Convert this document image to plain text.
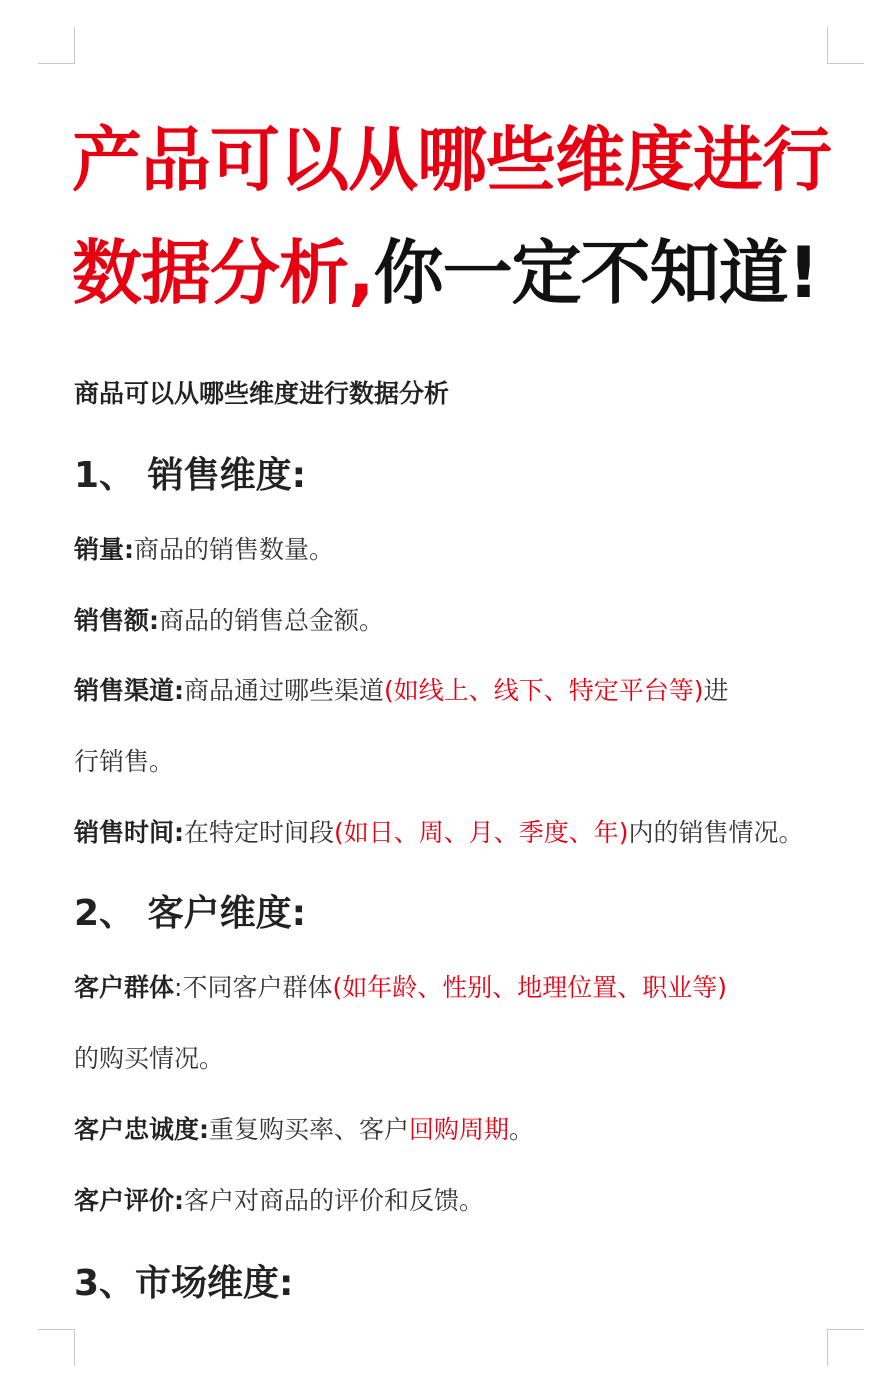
产品可以从哪些维度进行
数据分析,你一定不知道!
商品可以从哪些维度进行数据分析
1、 销售维度:
销量:商品的销售数量。
销售额:商品的销售总金额。
销售渠道:商品通过哪些渠道(如线上、线下、特定平台等)进
行销售。
销售时间:在特定时间段(如日、周、月、季度、年)内的销售情况。
2、 客户维度:
客户群体:不同客户群体(如年龄、性别、地理位置、职业等)
的购买情况。
客户忠诚度:重复购买率、客户回购周期。
客户评价:客户对商品的评价和反馈。
3、市场维度:
